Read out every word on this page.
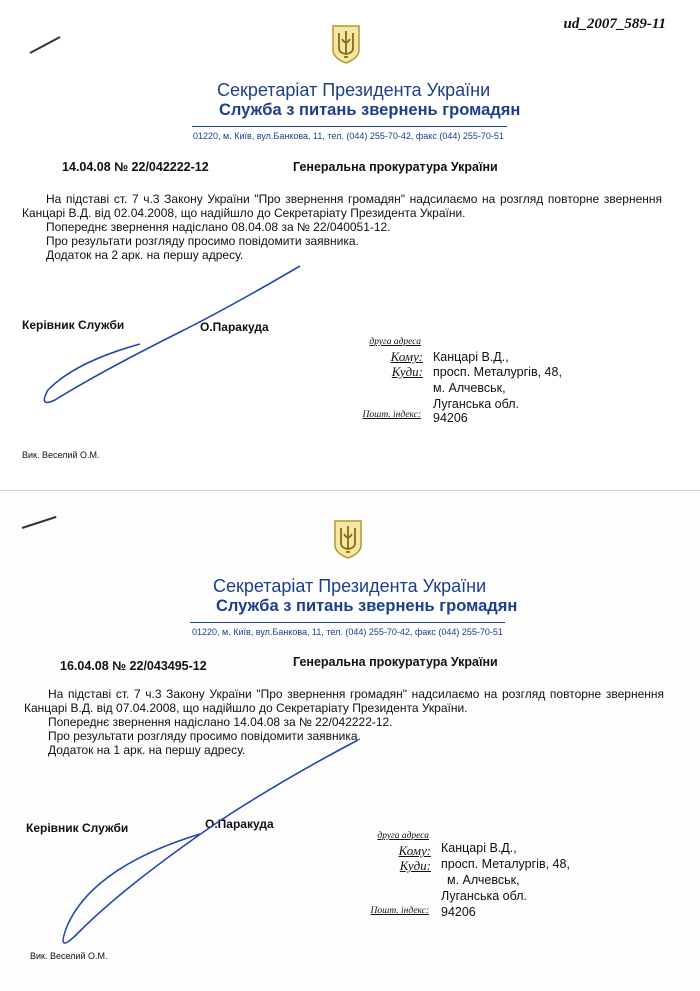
ud_2007_589-11
Секретаріат Президента України
Служба з питань звернень громадян
01220, м. Київ, вул.Банкова, 11, тел. (044) 255-70-42, факс (044) 255-70-51
14.04.08 № 22/042222-12	Генеральна прокуратура України

На підставі ст. 7 ч.3 Закону України "Про звернення громадян" надсилаємо на розгляд повторне звернення Канцарі В.Д. від 02.04.2008, що надійшло до Секретаріату Президента України.

Попереднє звернення надіслано 08.04.08 за № 22/040051-12.

Про результати розгляду просимо повідомити заявника.

Додаток на 2 арк. на першу адресу.

Керівник Служби	О.Паракуда
друга адреса
Кому: Канцарі В.Д.,
Куди: просп. Металургів, 48,
м. Алчевськ,
Луганська обл.
Пошт. індекс: 94206
Вик. Веселий О.М.
Секретаріат Президента України
Служба з питань звернень громадян
01220, м. Київ, вул.Банкова, 11, тел. (044) 255-70-42, факс (044) 255-70-51
16.04.08 № 22/043495-12	Генеральна прокуратура України

На підставі ст. 7 ч.3 Закону України "Про звернення громадян" надсилаємо на розгляд повторне звернення Канцарі В.Д. від 07.04.2008, що надійшло до Секретаріату Президента України.

Попереднє звернення надіслано 14.04.08 за № 22/042222-12.

Про результати розгляду просимо повідомити заявника.

Додаток на 1 арк. на першу адресу.

Керівник Служби	О.Паракуда
друга адреса
Кому: Канцарі В.Д.,
Куди: просп. Металургів, 48,
м. Алчевськ,
Луганська обл.
Пошт. індекс: 94206
Вик. Веселий О.М.
